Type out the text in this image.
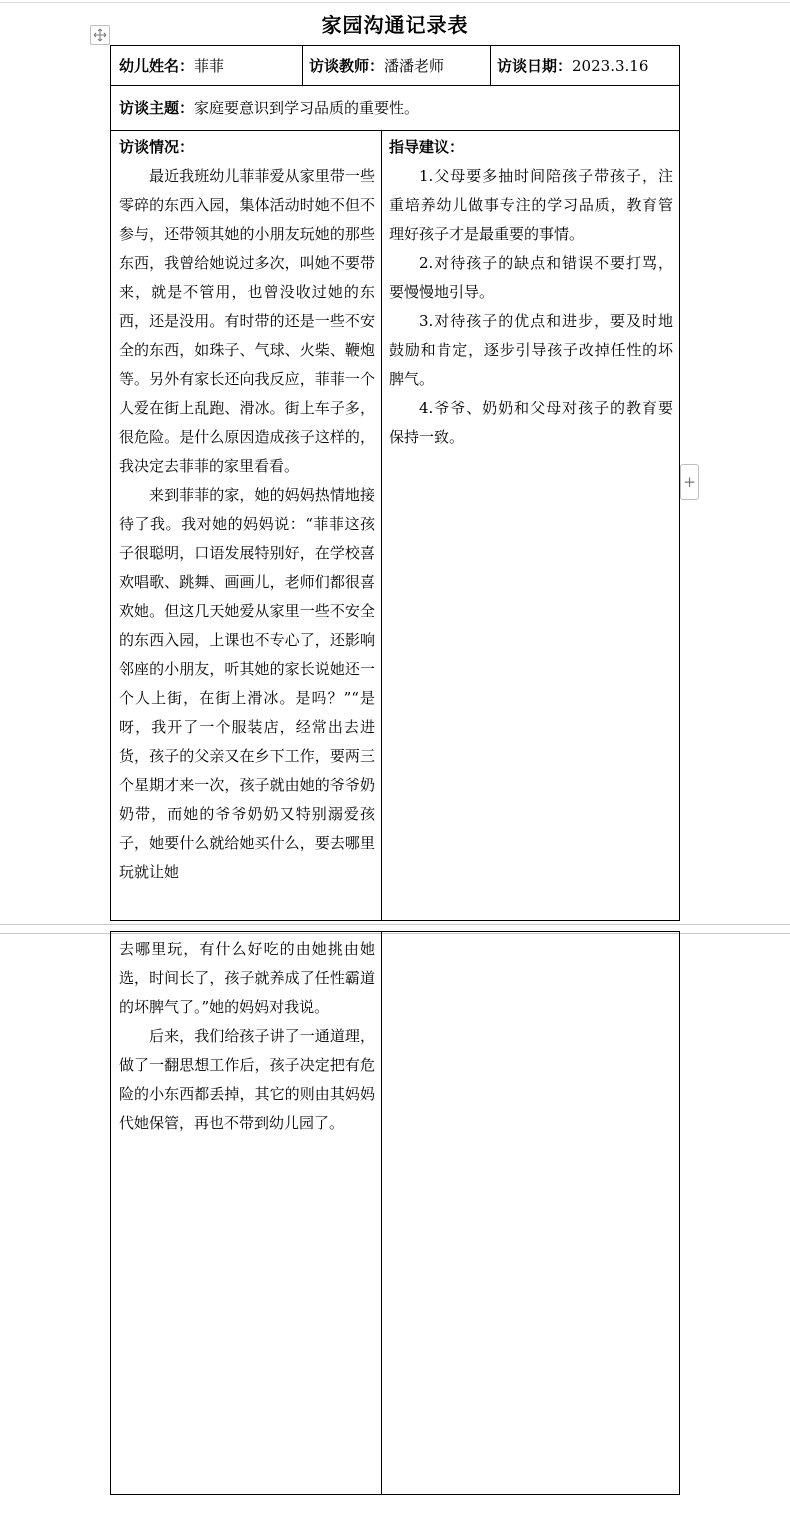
家园沟通记录表
幼儿姓名：菲菲	访谈教师：潘潘老师	访谈日期：2023.3.16
访谈主题：家庭要意识到学习品质的重要性。
访谈情况：

最近我班幼儿菲菲爱从家里带一些零碎的东西入园，集体活动时她不但不参与，还带领其她的小朋友玩她的那些东西，我曾给她说过多次，叫她不要带来，就是不管用，也曾没收过她的东西，还是没用。有时带的还是一些不安全的东西，如珠子、气球、火柴、鞭炮等。另外有家长还向我反应，菲菲一个人爱在街上乱跑、滑冰。街上车子多，很危险。是什么原因造成孩子这样的，我决定去菲菲的家里看看。

来到菲菲的家，她的妈妈热情地接待了我。我对她的妈妈说：“菲菲这孩子很聪明，口语发展特别好，在学校喜欢唱歌、跳舞、画画儿，老师们都很喜欢她。但这几天她爱从家里一些不安全的东西入园，上课也不专心了，还影响邻座的小朋友，听其她的家长说她还一个人上街，在街上滑冰。是吗？”“是呀，我开了一个服装店，经常出去进货，孩子的父亲又在乡下工作，要两三个星期才来一次，孩子就由她的爷爷奶奶带，而她的爷爷奶奶又特别溺爱孩子，她要什么就给她买什么，要去哪里玩就让她

指导建议：

1.父母要多抽时间陪孩子带孩子，注重培养幼儿做事专注的学习品质，教育管理好孩子才是最重要的事情。

2.对待孩子的缺点和错误不要打骂，要慢慢地引导。

3.对待孩子的优点和进步，要及时地鼓励和肯定，逐步引导孩子改掉任性的坏脾气。

4.爷爷、奶奶和父母对孩子的教育要保持一致。

+

去哪里玩，有什么好吃的由她挑由她选，时间长了，孩子就养成了任性霸道的坏脾气了。”她的妈妈对我说。

后来，我们给孩子讲了一通道理，做了一翻思想工作后，孩子决定把有危险的小东西都丢掉，其它的则由其妈妈代她保管，再也不带到幼儿园了。
